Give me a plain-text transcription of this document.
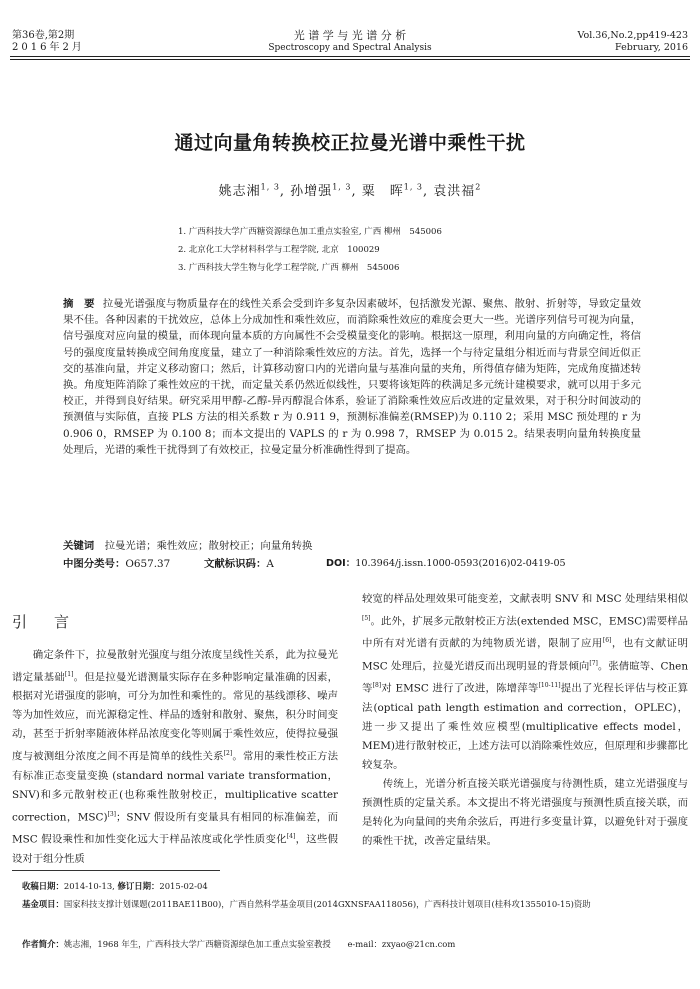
第36卷,第2期
2016年2月
光 谱 学 与 光 谱 分 析
Spectroscopy and Spectral Analysis
Vol.36,No.2,pp419-423
February, 2016
通过向量角转换校正拉曼光谱中乘性干扰
姚志湘$^{1, 3}$, 孙增强$^{1, 3}$, 粟　晖$^{1, 3}$, 袁洪福$^2$
1. 广西科技大学广西糖资源绿色加工重点实验室, 广西 柳州　545006
2. 北京化工大学材料科学与工程学院, 北京　100029
3. 广西科技大学生物与化学工程学院, 广西 柳州　545006
摘　要 拉曼光谱强度与物质量存在的线性关系会受到许多复杂因素破坏，包括激发光源、聚焦、散射、折射等，导致定量效果不佳。各种因素的干扰效应，总体上分成加性和乘性效应，而消除乘性效应的难度会更大一些。光谱序列信号可视为向量，信号强度对应向量的模量，而体现向量本质的方向属性不会受模量变化的影响。根据这一原理，利用向量的方向确定性，将信号的强度度量转换成空间角度度量，建立了一种消除乘性效应的方法。首先，选择一个与待定量组分相近而与背景空间近似正交的基准向量，并定义移动窗口；然后，计算移动窗口内的光谱向量与基准向量的夹角，所得值存储为矩阵，完成角度描述转换。角度矩阵消除了乘性效应的干扰，而定量关系仍然近似线性，只要将该矩阵的秩满足多元统计建模要求，就可以用于多元校正，并得到良好结果。研究采用甲醇-乙醇-异丙醇混合体系，验证了消除乘性效应后改进的定量效果，对于积分时间波动的预测值与实际值，直接 PLS 方法的相关系数 r 为 0.911 9，预测标准偏差(RMSEP)为 0.110 2；采用 MSC 预处理的 r 为 0.906 0，RMSEP 为 0.100 8；而本文提出的 VAPLS 的 r 为 0.998 7，RMSEP 为 0.015 2。结果表明向量角转换度量处理后，光谱的乘性干扰得到了有效校正，拉曼定量分析准确性得到了提高。
关键词　 拉曼光谱；乘性效应；散射校正；向量角转换
中图分类号：O657.37	文献标识码：A	DOI：10.3964/j.issn.1000-0593(2016)02-0419-05
引　言

确定条件下，拉曼散射光强度与组分浓度呈线性关系，此为拉曼光谱定量基础[1]。但是拉曼光谱测量实际存在多种影响定量准确的因素，根据对光谱强度的影响，可分为加性和乘性的。常见的基线漂移、噪声等为加性效应，而光源稳定性、样品的透射和散射、聚焦，积分时间变动，甚至于折射率随液体样品浓度变化等则属于乘性效应，使得拉曼强度与被测组分浓度之间不再是简单的线性关系[2]。常用的乘性校正方法有标准正态变量变换 (standard normal variate transformation，SNV)和多元散射校正(也称乘性散射校正，multiplicative scatter correction，MSC)[3]；SNV 假设所有变量具有相同的标准偏差，而 MSC 假设乘性和加性变化远大于样品浓度或化学性质变化[4]，这些假设对于组分性质

较宽的样品处理效果可能变差，文献表明 SNV 和 MSC 处理结果相似[5]。此外，扩展多元散射校正方法(extended MSC，EMSC)需要样品中所有对光谱有贡献的为纯物质光谱，限制了应用[6]，也有文献证明 MSC 处理后，拉曼光谱反而出现明显的背景倾向[7]。张倩暄等、Chen 等[8]对 EMSC 进行了改进，陈增萍等[10-11]提出了光程长评估与校正算法(optical path length estimation and correction，OPLEC)，进一步又提出了乘性效应模型(multiplicative effects model，MEM)进行散射校正，上述方法可以消除乘性效应，但原理和步骤都比较复杂。

传统上，光谱分析直接关联光谱强度与待测性质，建立光谱强度与预测性质的定量关系。本文提出不将光谱强度与预测性质直接关联，而是转化为向量间的夹角余弦后，再进行多变量计算，以避免针对于强度的乘性干扰，改善定量结果。

收稿日期：2014-10-13, 修订日期：2015-02-04
基金项目：国家科技支撑计划课题(2011BAE11B00)，广西自然科学基金项目(2014GXNSFAA118056)，广西科技计划项目(桂科攻1355010-15)资助
作者简介：姚志湘，1968 年生，广西科技大学广西糖资源绿色加工重点实验室教授　　e-mail：zxyao@21cn.com
